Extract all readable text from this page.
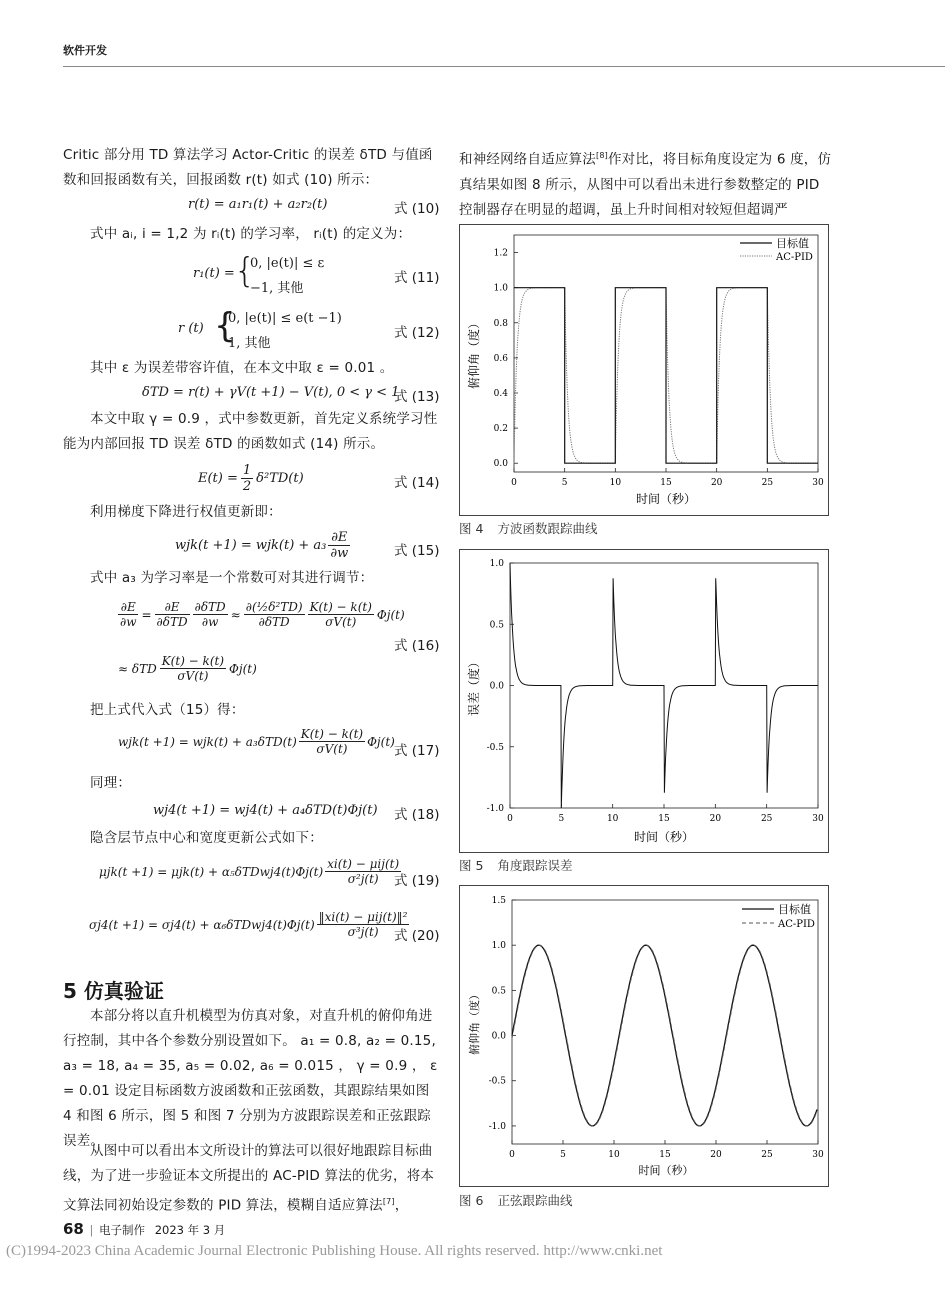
软件开发
Critic 部分用 TD 算法学习 Actor-Critic 的误差 δTD 与值函数和回报函数有关，回报函数 r(t) 如式 (10) 所示：
r(t) = a₁r₁(t) + a₂r₂(t)	式 (10)
式中 aᵢ, i = 1,2 为 rᵢ(t) 的学习率， rᵢ(t) 的定义为：
r₁(t) = {
0, |e(t)| ≤ ε
−1, 其他
式 (11)
r (t) {
0, |e(t)| ≤ e(t −1)
1, 其他
式 (12)
其中 ε 为误差带容许值，在本文中取 ε = 0.01 。
δTD = r(t) + γV(t +1) − V(t), 0 < γ < 1
式 (13)
本文中取 γ = 0.9 ，式中参数更新，首先定义系统学习性能为内部回报 TD 误差 δTD 的函数如式 (14) 所示。
$E(t) = \frac{1}{2} \delta^2TD(t)$	式 (14)
利用梯度下降进行权值更新即：
$wjk(t +1) = wjk(t) + a_3 \frac{\partial E}{\partial w}$	式 (15)
式中 a₃ 为学习率是一个常数可对其进行调节：
$\frac{\partial E}{\partial w} = \frac{\partial E}{\text{∂δTD}} \frac{\text{∂δTD}}{\partial w} \approx \frac{\text{∂(½δ²TD)}}{\text{∂δTD}} \frac{K(t) - k(t)}{\sigma V(t)} \Phi j(t)$
≈ δTD $\frac{K(t) - k(t)}{\sigma V(t)} \Phi j(t)$
式 (16)
把上式代入式（15）得：
$wjk(t +1) = wjk(t) + a_3\delta TD(t) \frac{K(t) - k(t)}{\sigma V(t)} \Phi j(t)$
式 (17)
同理：
wj4(t +1) = wj4(t) + a₄δTD(t)Φj(t) 式 (18)
隐含层节点中心和宽度更新公式如下：
μjk(t +1) = μjk(t) + α₅δTDwj4(t)Φj(t) $\frac{\text{xi(t) − μij(t)}}{\text{σ²j(t)}}$
式 (19)
σj4(t +1) = σj4(t) + α₆δTDwj4(t)Φj(t) $\frac{\text{‖xi(t) − μij(t)‖²}}{\text{σ³j(t)}}$
式 (20)
5 仿真验证
本部分将以直升机模型为仿真对象，对直升机的俯仰角进行控制，其中各个参数分别设置如下。 a₁ = 0.8, a₂ = 0.15, a₃ = 18, a₄ = 35, a₅ = 0.02, a₆ = 0.015 ， γ = 0.9 ， ε = 0.01 设定目标函数方波函数和正弦函数，其跟踪结果如图 4 和图 6 所示，图 5 和图 7 分别为方波跟踪误差和正弦跟踪误差。
从图中可以看出本文所设计的算法可以很好地跟踪目标曲线，为了进一步验证本文所提出的 AC-PID 算法的优劣，将本文算法同初始设定参数的 PID 算法，模糊自适应算法[7]，
和神经网络自适应算法[8]作对比，将目标角度设定为 6 度，仿真结果如图 8 所示，从图中可以看出未进行参数整定的 PID 控制器存在明显的超调，虽上升时间相对较短但超调严
0	5	10	15	20	25	30
0.0
0.2
0.4
0.6
0.8
1.0
1.2
目标值
AC-PID
俯仰角（度）
时间（秒）
图 4 方波函数跟踪曲线
0	5	10	15	20	25	30
-1.0
-0.5
0.0
0.5
1.0
误差（度）
时间（秒）
图 5 角度跟踪误差
0	5	10	15	20	25	30
-1.0
-0.5
0.0
0.5
1.0
1.5
目标值
AC-PID
俯仰角（度）
时间（秒）
图 6 正弦跟踪曲线
68 | 电子制作 2023 年 3 月
(C)1994-2023 China Academic Journal Electronic Publishing House. All rights reserved. http://www.cnki.net
